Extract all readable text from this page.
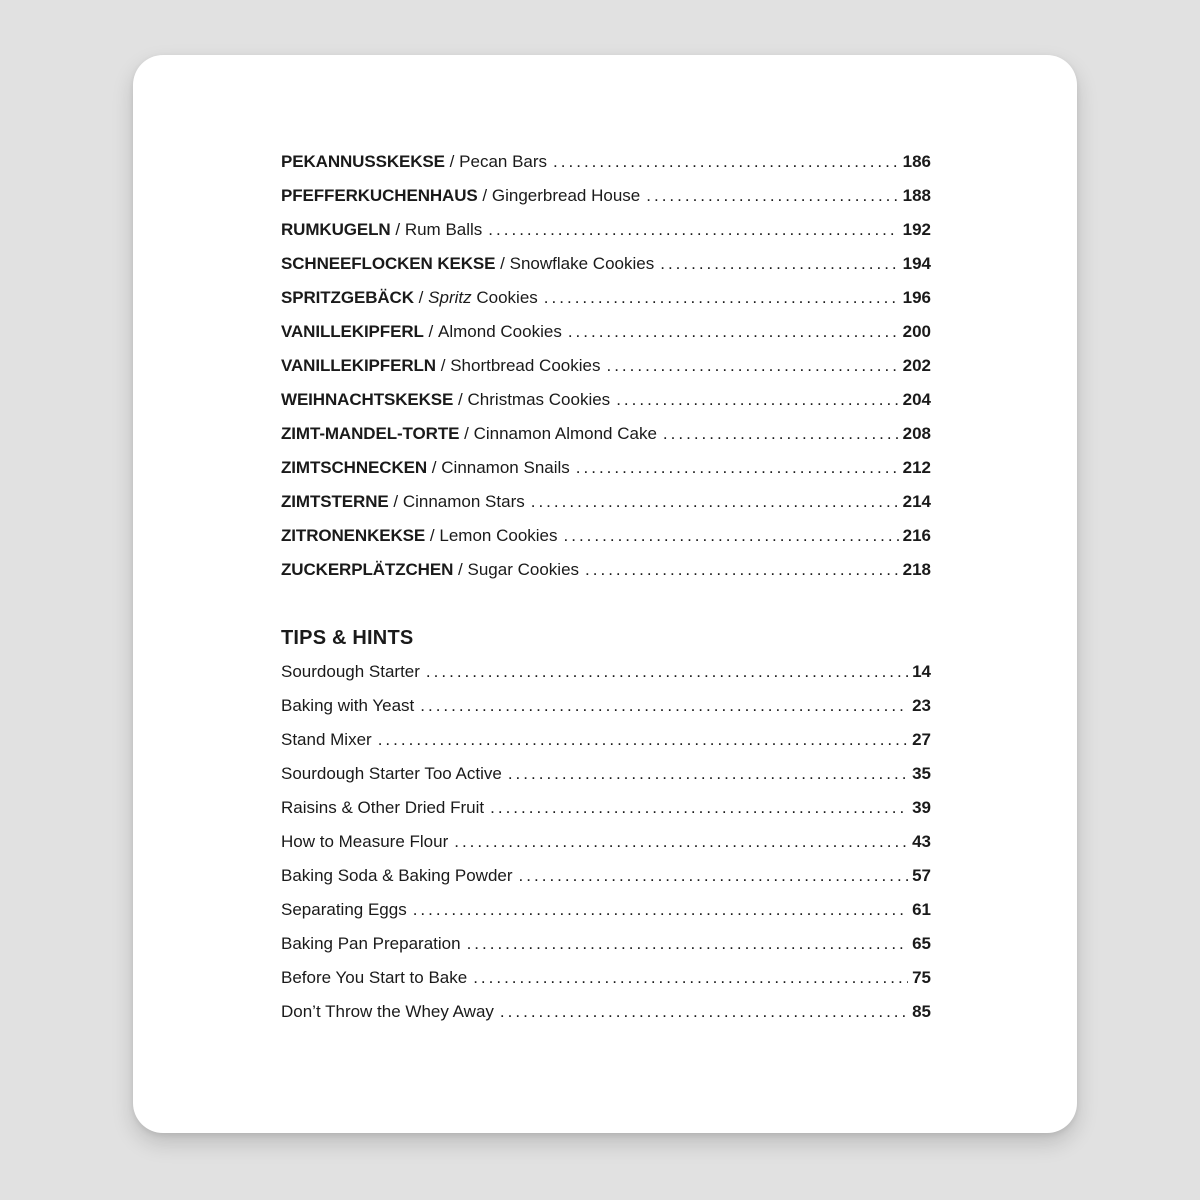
PEKANNUSSKEKSE / Pecan Bars .....	186
PFEFFERKUCHENHAUS / Gingerbread House .....	188
RUMKUGELN / Rum Balls .....	192
SCHNEEFLOCKEN KEKSE / Snowflake Cookies .....	194
SPRITZGEBÄCK / Spritz Cookies .....	196
VANILLEKIPFERL / Almond Cookies .....	200
VANILLEKIPFERLN / Shortbread Cookies .....	202
WEIHNACHTSKEKSE / Christmas Cookies .....	204
ZIMT-MANDEL-TORTE / Cinnamon Almond Cake .....	208
ZIMTSCHNECKEN / Cinnamon Snails .....	212
ZIMTSTERNE / Cinnamon Stars .....	214
ZITRONENKEKSE / Lemon Cookies .....	216
ZUCKERPLÄTZCHEN / Sugar Cookies .....	218
TIPS & HINTS
Sourdough Starter .....	14
Baking with Yeast .....	23
Stand Mixer .....	27
Sourdough Starter Too Active .....	35
Raisins & Other Dried Fruit .....	39
How to Measure Flour .....	43
Baking Soda & Baking Powder .....	57
Separating Eggs .....	61
Baking Pan Preparation .....	65
Before You Start to Bake .....	75
Don’t Throw the Whey Away .....	85
